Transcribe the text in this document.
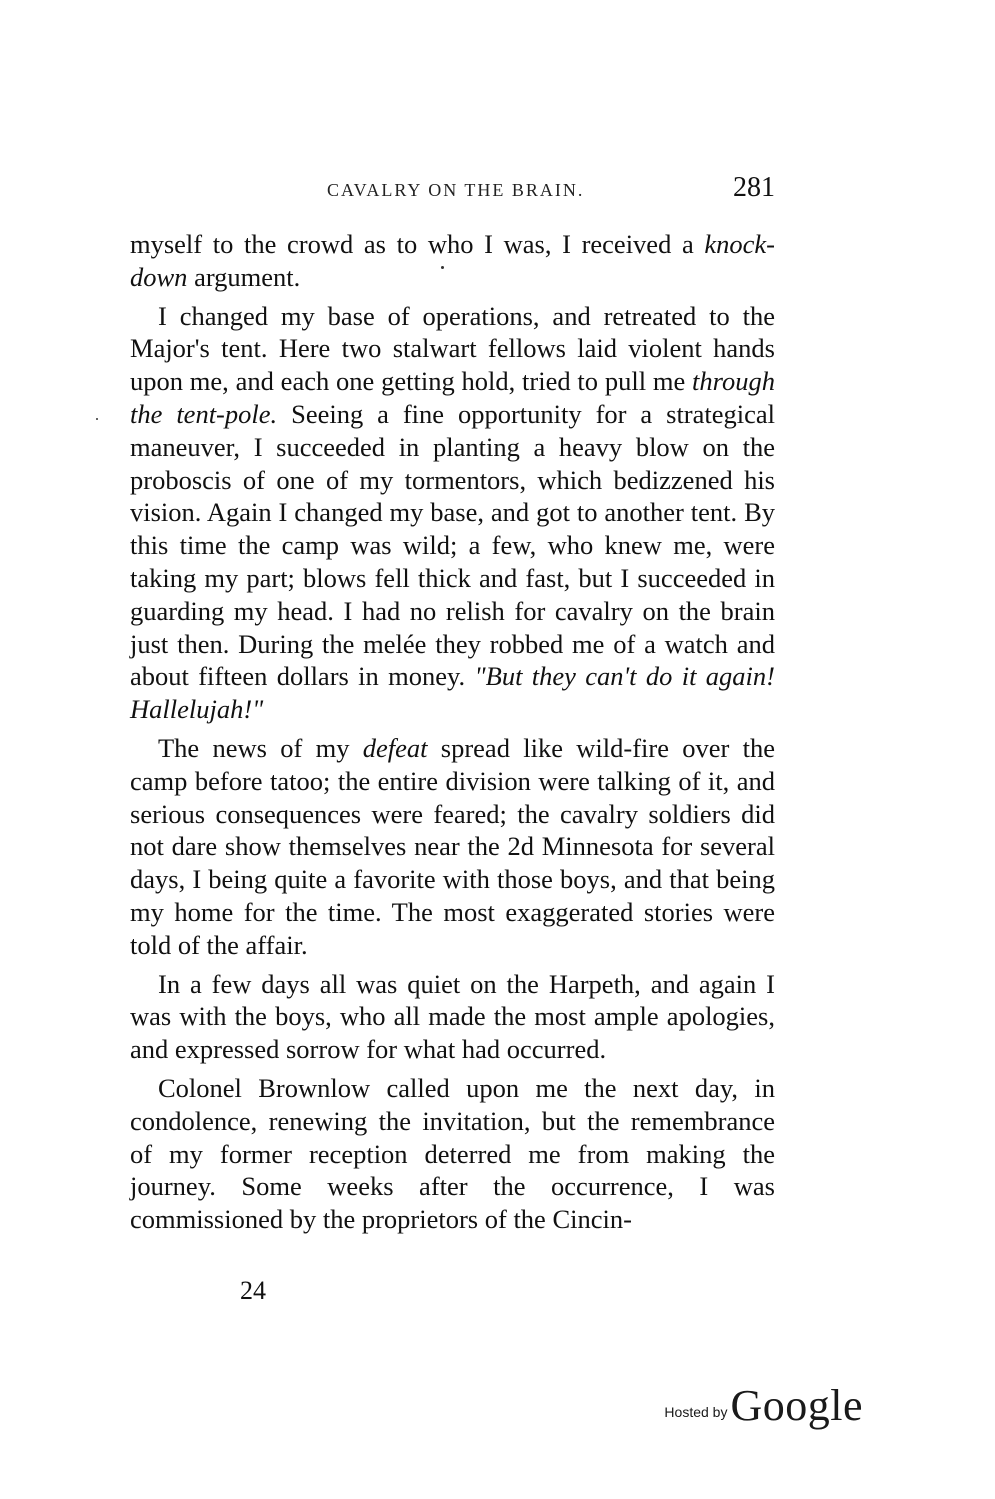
CAVALRY ON THE BRAIN.	281

myself to the crowd as to who I was, I received a knock-down argument.

I changed my base of operations, and retreated to the Major's tent. Here two stalwart fellows laid violent hands upon me, and each one getting hold, tried to pull me through the tent-pole. Seeing a fine opportunity for a strategical maneuver, I succeeded in planting a heavy blow on the proboscis of one of my tormentors, which bedizzened his vision. Again I changed my base, and got to another tent. By this time the camp was wild; a few, who knew me, were taking my part; blows fell thick and fast, but I succeeded in guarding my head. I had no relish for cavalry on the brain just then. During the melée they robbed me of a watch and about fifteen dollars in money. "But they can't do it again! Hallelujah!"

The news of my defeat spread like wild-fire over the camp before tatoo; the entire division were talking of it, and serious consequences were feared; the cavalry soldiers did not dare show themselves near the 2d Minnesota for several days, I being quite a favorite with those boys, and that being my home for the time. The most exaggerated stories were told of the affair.

In a few days all was quiet on the Harpeth, and again I was with the boys, who all made the most ample apologies, and expressed sorrow for what had occurred.

Colonel Brownlow called upon me the next day, in condolence, renewing the invitation, but the remembrance of my former reception deterred me from making the journey. Some weeks after the occurrence, I was commissioned by the proprietors of the Cincin-

24
Hosted by Google
